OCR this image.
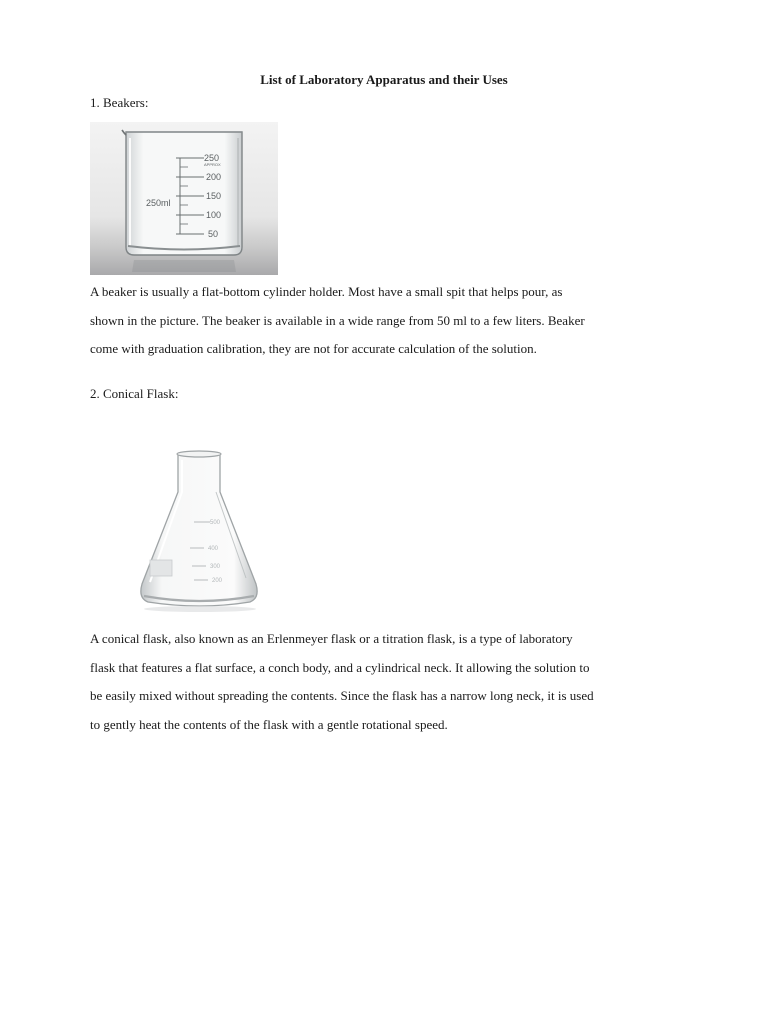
List of Laboratory Apparatus and their Uses
1. Beakers:
250
APPROX
200
150
100
50
250ml

A beaker is usually a flat-bottom cylinder holder. Most have a small spit that helps pour, as

shown in the picture. The beaker is available in a wide range from 50 ml to a few liters. Beaker

come with graduation calibration, they are not for accurate calculation of the solution.

2. Conical Flask:
500
400
300
200

A conical flask, also known as an Erlenmeyer flask or a titration flask, is a type of laboratory

flask that features a flat surface, a conch body, and a cylindrical neck. It allowing the solution to

be easily mixed without spreading the contents. Since the flask has a narrow long neck, it is used

to gently heat the contents of the flask with a gentle rotational speed.
